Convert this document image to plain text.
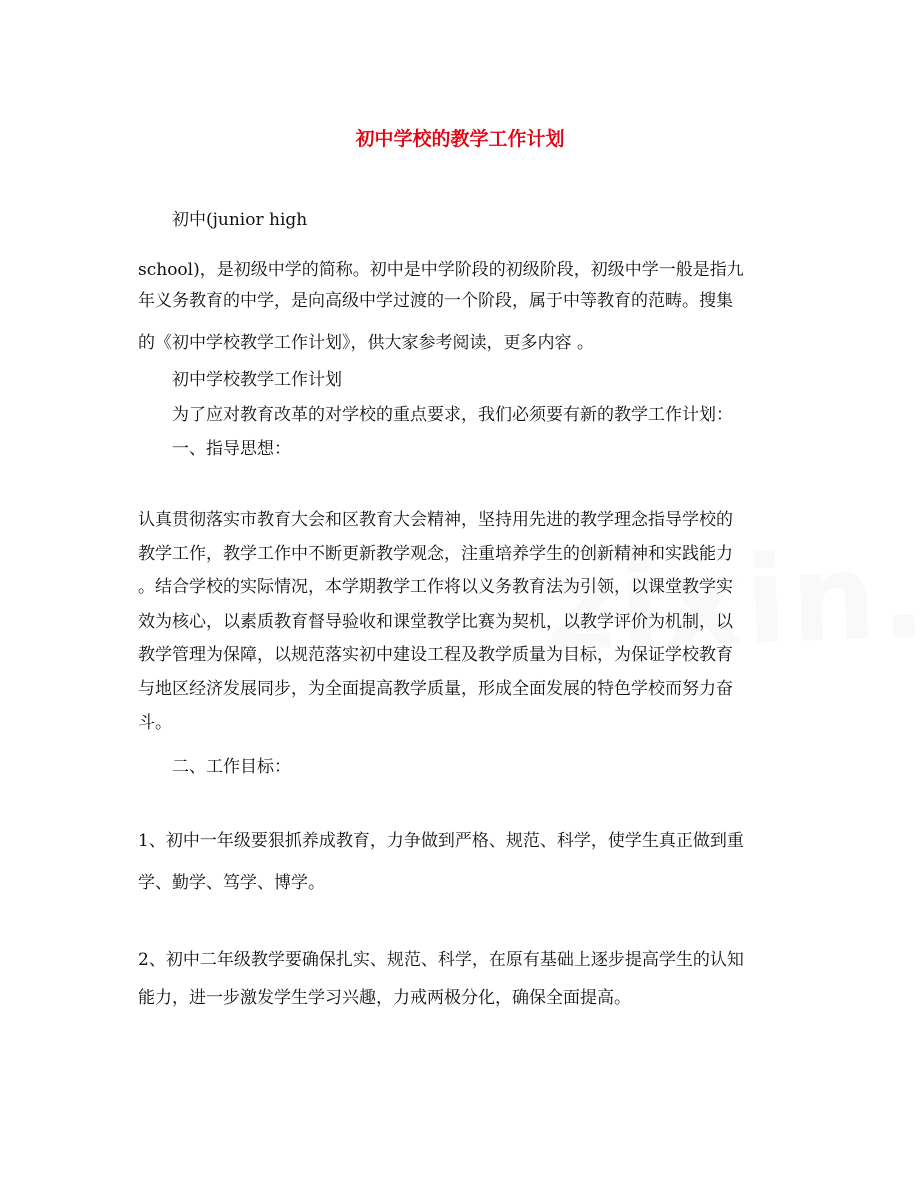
初中学校的教学工作计划
初中(junior high
school)，是初级中学的简称。初中是中学阶段的初级阶段，初级中学一般是指九
年义务教育的中学，是向高级中学过渡的一个阶段，属于中等教育的范畴。搜集
的《初中学校教学工作计划》，供大家参考阅读，更多内容 。
初中学校教学工作计划
为了应对教育改革的对学校的重点要求，我们必须要有新的教学工作计划：
一、指导思想：
认真贯彻落实市教育大会和区教育大会精神，坚持用先进的教学理念指导学校的
教学工作，教学工作中不断更新教学观念，注重培养学生的创新精神和实践能力
。结合学校的实际情况，本学期教学工作将以义务教育法为引领，以课堂教学实
效为核心，以素质教育督导验收和课堂教学比赛为契机，以教学评价为机制，以
教学管理为保障，以规范落实初中建设工程及教学质量为目标，为保证学校教育
与地区经济发展同步，为全面提高教学质量，形成全面发展的特色学校而努力奋
斗。
二、工作目标：
1、初中一年级要狠抓养成教育，力争做到严格、规范、科学，使学生真正做到重
学、勤学、笃学、博学。
2、初中二年级教学要确保扎实、规范、科学，在原有基础上逐步提高学生的认知
能力，进一步激发学生学习兴趣，力戒两极分化，确保全面提高。
